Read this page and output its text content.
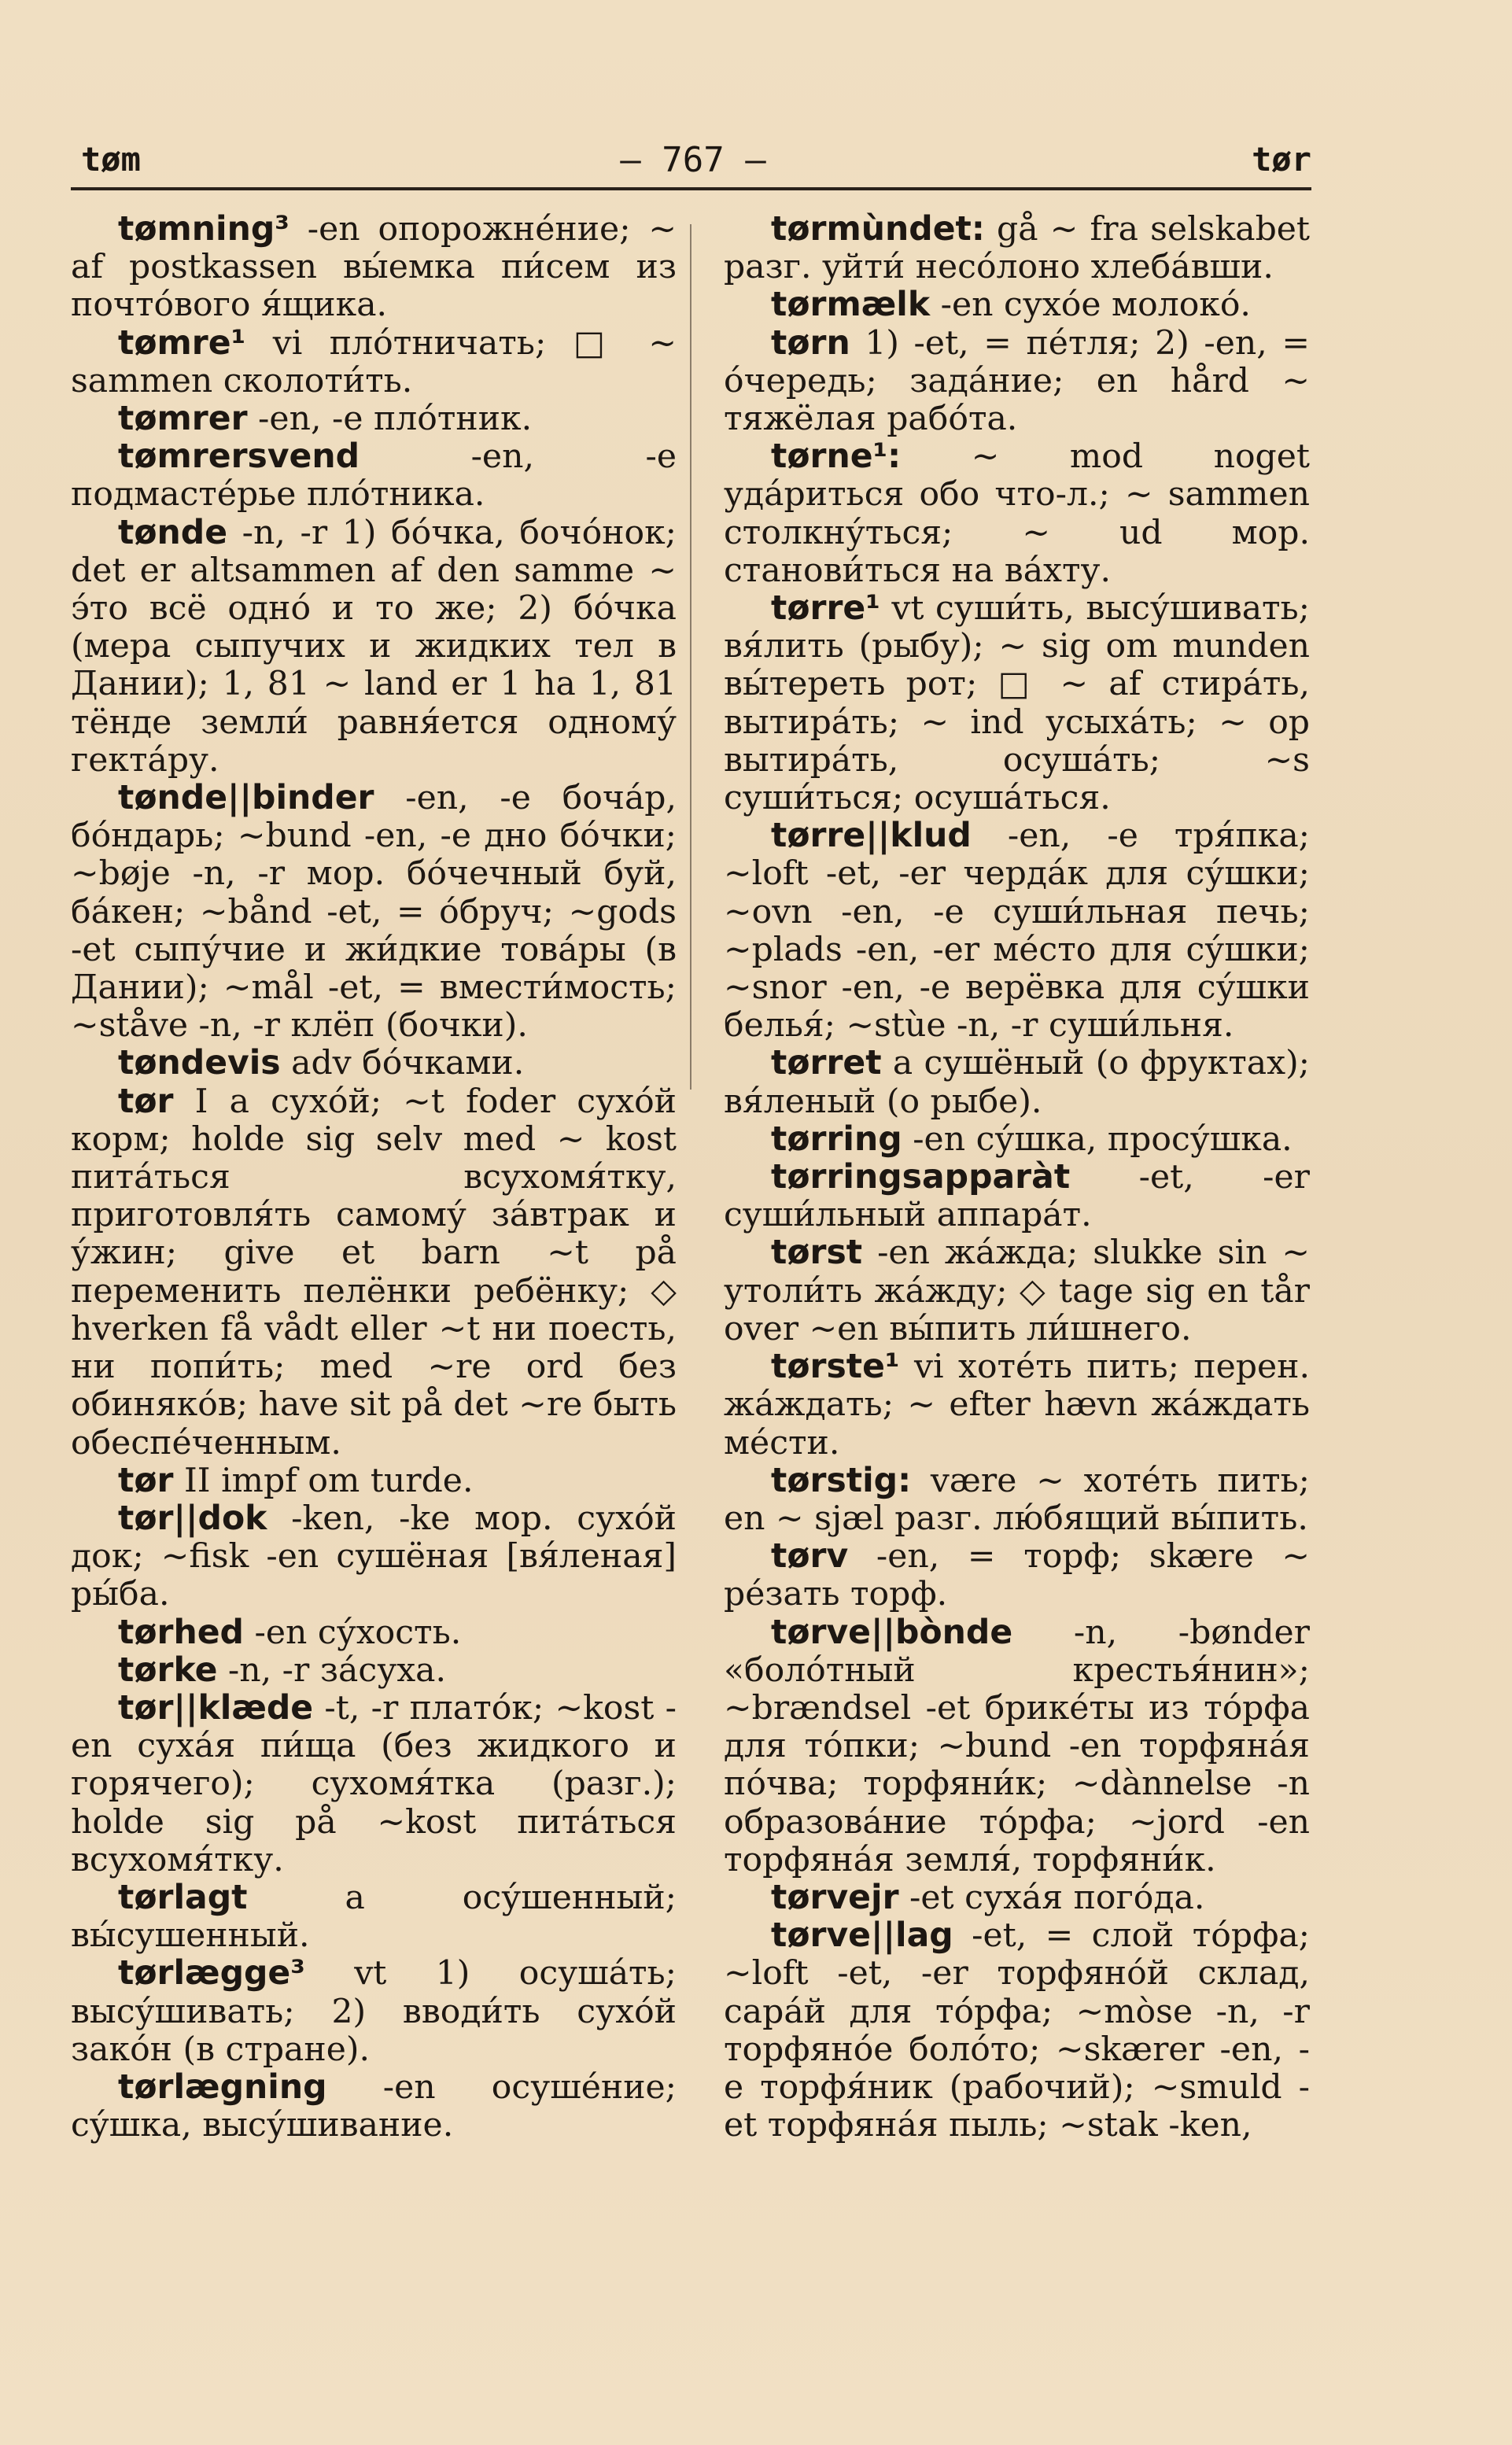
tøm	— 767 —	tør

tømning³ -en опорожне́ние; ~ af postkassen вы́емка пи́сем из почто́вого я́щика.

tømre¹ vi пло́тничать; □ ~ sammen сколоти́ть.

tømrer -en, -e пло́тник.

tømrersvend -en, -e подмасте́рье пло́тника.

tønde -n, -r 1) бо́чка, бочо́нок; det er altsammen af den samme ~ э́то всё одно́ и то же; 2) бо́чка (мера сыпучих и жидких тел в Дании); 1, 81 ~ land er 1 ha 1, 81 тёнде земли́ равня́ется одному́ гекта́ру.

tønde||binder -en, -e боча́р, бо́ндарь; ~bund -en, -e дно бо́чки; ~bøje -n, -r мор. бо́чечный буй, ба́кен; ~bånd -et, = о́бруч; ~gods -et сыпу́чие и жи́дкие това́ры (в Дании); ~mål -et, = вмести́мость; ~ståve -n, -r клёп (бочки).

tøndevis adv бо́чками.

tør I a сухо́й; ~t foder сухо́й корм; holde sig selv med ~ kost пита́ться всухомя́тку, приготовля́ть самому́ за́втрак и у́жин; give et barn ~t på переменить пелёнки ребёнку; ◇ hverken få vådt eller ~t ни поесть, ни попи́ть; med ~re ord без обиняко́в; have sit på det ~re быть обеспе́ченным.

tør II impf om turde.

tør||dok -ken, -ke мор. сухо́й док; ~fisk -en сушёная [вя́леная] ры́ба.

tørhed -en су́хость.

tørke -n, -r за́суха.

tør||klæde -t, -r плато́к; ~kost -en суха́я пи́ща (без жидкого и горячего); сухомя́тка (разг.); holde sig på ~kost пита́ться всухомя́тку.

tørlagt a осу́шенный; вы́сушенный.

tørlægge³ vt 1) осуша́ть; высу́шивать; 2) вводи́ть сухо́й зако́н (в стране).

tørlægning -en осуше́ние; су́шка, высу́шивание.

tørmùndet: gå ~ fra selskabet разг. уйти́ несо́лоно хлеба́вши.

tørmælk -en сухо́е молоко́.

tørn 1) -et, = пе́тля; 2) -en, = о́чередь; зада́ние; en hård ~ тяжёлая рабо́та.

tørne¹: ~ mod noget уда́риться обо что-л.; ~ sammen столкну́ться; ~ ud мор. станови́ться на ва́хту.

tørre¹ vt суши́ть, высу́шивать; вя́лить (рыбу); ~ sig om munden вы́тереть рот; □ ~ af стира́ть, вытира́ть; ~ ind усыха́ть; ~ op вытира́ть, осуша́ть; ~s суши́ться; осуша́ться.

tørre||klud -en, -e тря́пка; ~loft -et, -er черда́к для су́шки; ~ovn -en, -e суши́льная печь; ~plads -en, -er ме́сто для су́шки; ~snor -en, -e верёвка для су́шки белья́; ~stùe -n, -r суши́льня.

tørret a сушёный (о фруктах); вя́леный (о рыбе).

tørring -en су́шка, просу́шка.

tørringsapparàt -et, -er суши́льный аппара́т.

tørst -en жа́жда; slukke sin ~ утоли́ть жа́жду; ◇ tage sig en tår over ~en вы́пить ли́шнего.

tørste¹ vi хоте́ть пить; перен. жа́ждать; ~ efter hævn жа́ждать ме́сти.

tørstig: være ~ хоте́ть пить; en ~ sjæl разг. лю́бящий вы́пить.

tørv -en, = торф; skære ~ ре́зать торф.

tørve||bònde -n, -bønder «боло́тный крестья́нин»; ~brændsel -et брике́ты из то́рфа для то́пки; ~bund -en торфяна́я по́чва; торфяни́к; ~dànnelse -n образова́ние то́рфа; ~jord -en торфяна́я земля́, торфяни́к.

tørvejr -et суха́я пого́да.

tørve||lag -et, = слой то́рфа; ~loft -et, -er торфяно́й склад, сара́й для то́рфа; ~mòse -n, -r торфяно́е боло́то; ~skærer -en, -e торфя́ник (рабочий); ~smuld -et торфяна́я пыль; ~stak -ken,
